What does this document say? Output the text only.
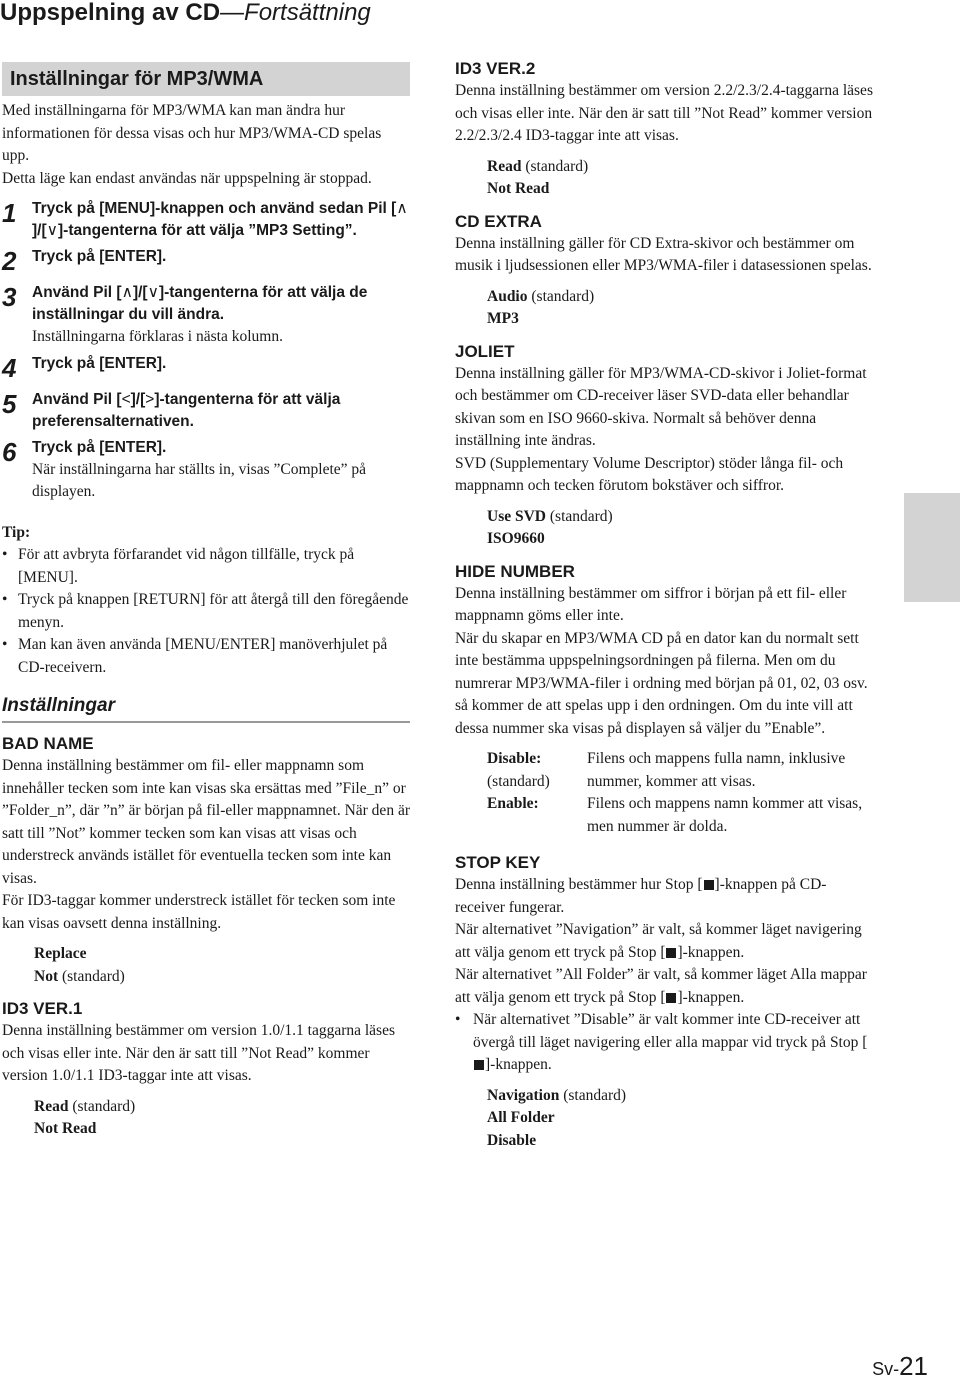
Uppspelning av CD—Fortsättning
Inställningar för MP3/WMA

Med inställningarna för MP3/WMA kan man ändra hur informationen för dessa visas och hur MP3/WMA-CD spelas upp.

Detta läge kan endast användas när uppspelning är stoppad.

1 Tryck på [MENU]-knappen och använd sedan Pil [∧]/[∨]-tangenterna för att välja ”MP3 Setting”.
2 Tryck på [ENTER].
3 Använd Pil [∧]/[∨]-tangenterna för att välja de inställningar du vill ändra.
Inställningarna förklaras i nästa kolumn.
4 Tryck på [ENTER].
5 Använd Pil [<]/[>]-tangenterna för att välja preferensalternativen.
6 Tryck på [ENTER].
När inställningarna har ställts in, visas ”Complete” på displayen.
Tip:
• För att avbryta förfarandet vid någon tillfälle, tryck på [MENU].
• Tryck på knappen [RETURN] för att återgå till den föregående menyn.
• Man kan även använda [MENU/ENTER] manöverhjulet på CD-receivern.
Inställningar
BAD NAME

Denna inställning bestämmer om fil- eller mappnamn som innehåller tecken som inte kan visas ska ersättas med ”File_n” or ”Folder_n”, där ”n” är början på fil-eller mappnamnet. När den är satt till ”Not” kommer tecken som kan visas att visas och understreck används istället för eventuella tecken som inte kan visas.

För ID3-taggar kommer understreck istället för tecken som inte kan visas oavsett denna inställning.

Replace
Not (standard)
ID3 VER.1

Denna inställning bestämmer om version 1.0/1.1 taggarna läses och visas eller inte. När den är satt till ”Not Read” kommer version 1.0/1.1 ID3-taggar inte att visas.

Read (standard)
Not Read
ID3 VER.2

Denna inställning bestämmer om version 2.2/2.3/2.4-taggarna läses och visas eller inte. När den är satt till ”Not Read” kommer version 2.2/2.3/2.4 ID3-taggar inte att visas.

Read (standard)
Not Read
CD EXTRA

Denna inställning gäller för CD Extra-skivor och bestämmer om musik i ljudsessionen eller MP3/WMA-filer i datasessionen spelas.

Audio (standard)
MP3
JOLIET

Denna inställning gäller för MP3/WMA-CD-skivor i Joliet-format och bestämmer om CD-receiver läser SVD-data eller behandlar skivan som en ISO 9660-skiva. Normalt så behöver denna inställning inte ändras.

SVD (Supplementary Volume Descriptor) stöder långa fil- och mappnamn och tecken förutom bokstäver och siffror.

Use SVD (standard)
ISO9660
HIDE NUMBER

Denna inställning bestämmer om siffror i början på ett fil- eller mappnamn göms eller inte.

När du skapar en MP3/WMA CD på en dator kan du normalt sett inte bestämma uppspelningsordningen på filerna. Men om du numrerar MP3/WMA-filer i ordning med början på 01, 02, 03 osv. så kommer de att spelas upp i den ordningen. Om du inte vill att dessa nummer ska visas på displayen så väljer du ”Enable”.

Disable:
(standard)
Filens och mappens fulla namn, inklusive nummer, kommer att visas.
Enable:	Filens och mappens namn kommer att visas, men nummer är dolda.
STOP KEY

Denna inställning bestämmer hur Stop [ ]-knappen på CD-receiver fungerar.

När alternativet ”Navigation” är valt, så kommer läget navigering att välja genom ett tryck på Stop [ ]-knappen.

När alternativet ”All Folder” är valt, så kommer läget Alla mappar att välja genom ett tryck på Stop [ ]-knappen.

• När alternativet ”Disable” är valt kommer inte CD-receiver att övergå till läget navigering eller alla mappar vid tryck på Stop []-knappen.
Navigation (standard)
All Folder
Disable
Sv-21
